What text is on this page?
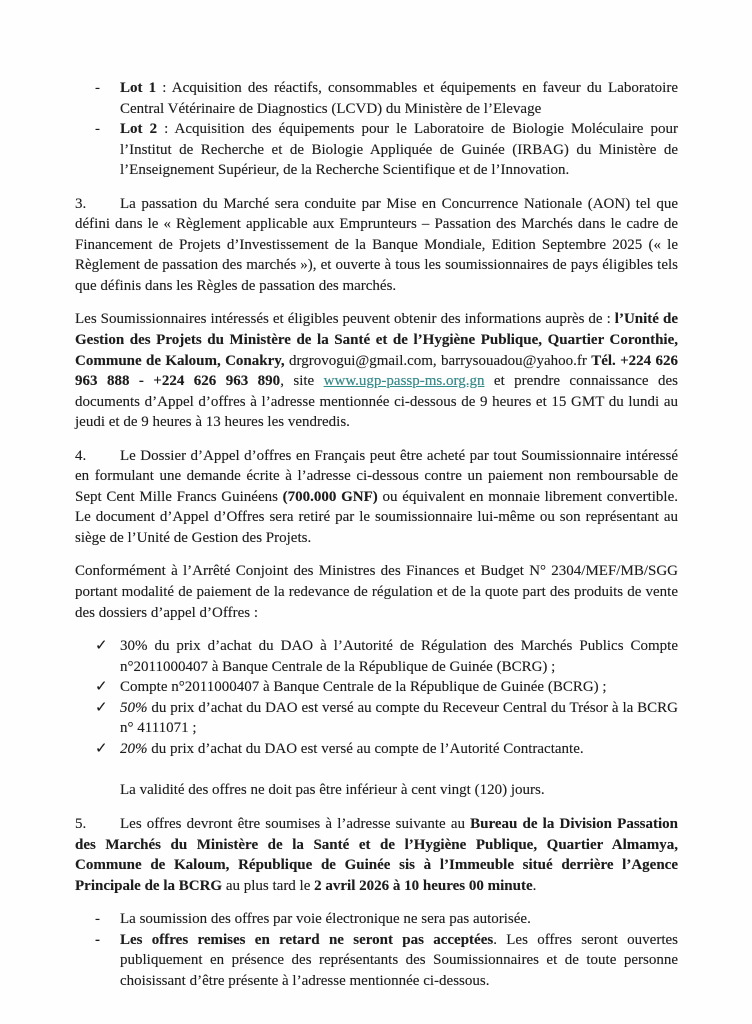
-	Lot 1 : Acquisition des réactifs, consommables et équipements en faveur du Laboratoire Central Vétérinaire de Diagnostics (LCVD) du Ministère de l’Elevage
-	Lot 2 : Acquisition des équipements pour le Laboratoire de Biologie Moléculaire pour l’Institut de Recherche et de Biologie Appliquée de Guinée (IRBAG) du Ministère de l’Enseignement Supérieur, de la Recherche Scientifique et de l’Innovation.

3. La passation du Marché sera conduite par Mise en Concurrence Nationale (AON) tel que défini dans le « Règlement applicable aux Emprunteurs – Passation des Marchés dans le cadre de Financement de Projets d’Investissement de la Banque Mondiale, Edition Septembre 2025 (« le Règlement de passation des marchés »), et ouverte à tous les soumissionnaires de pays éligibles tels que définis dans les Règles de passation des marchés.

Les Soumissionnaires intéressés et éligibles peuvent obtenir des informations auprès de : l’Unité de Gestion des Projets du Ministère de la Santé et de l’Hygiène Publique, Quartier Coronthie, Commune de Kaloum, Conakry, drgrovogui@gmail.com, barrysouadou@yahoo.fr Tél. +224 626 963 888 - +224 626 963 890, site www.ugp-passp-ms.org.gn et prendre connaissance des documents d’Appel d’offres à l’adresse mentionnée ci-dessous de 9 heures et 15 GMT du lundi au jeudi et de 9 heures à 13 heures les vendredis.

4. Le Dossier d’Appel d’offres en Français peut être acheté par tout Soumissionnaire intéressé en formulant une demande écrite à l’adresse ci-dessous contre un paiement non remboursable de Sept Cent Mille Francs Guinéens (700.000 GNF) ou équivalent en monnaie librement convertible. Le document d’Appel d’Offres sera retiré par le soumissionnaire lui-même ou son représentant au siège de l’Unité de Gestion des Projets.

Conformément à l’Arrêté Conjoint des Ministres des Finances et Budget N° 2304/MEF/MB/SGG portant modalité de paiement de la redevance de régulation et de la quote part des produits de vente des dossiers d’appel d’Offres :

✓ 30% du prix d’achat du DAO à l’Autorité de Régulation des Marchés Publics Compte n°2011000407 à Banque Centrale de la République de Guinée (BCRG) ;
✓ Compte n°2011000407 à Banque Centrale de la République de Guinée (BCRG) ;
✓ 50% du prix d’achat du DAO est versé au compte du Receveur Central du Trésor à la BCRG n° 4111071 ;
✓ 20% du prix d’achat du DAO est versé au compte de l’Autorité Contractante.

La validité des offres ne doit pas être inférieur à cent vingt (120) jours.

5. Les offres devront être soumises à l’adresse suivante au Bureau de la Division Passation des Marchés du Ministère de la Santé et de l’Hygiène Publique, Quartier Almamya, Commune de Kaloum, République de Guinée sis à l’Immeuble situé derrière l’Agence Principale de la BCRG au plus tard le 2 avril 2026 à 10 heures 00 minute.

-	La soumission des offres par voie électronique ne sera pas autorisée.
-	Les offres remises en retard ne seront pas acceptées. Les offres seront ouvertes publiquement en présence des représentants des Soumissionnaires et de toute personne choisissant d’être présente à l’adresse mentionnée ci-dessous.
